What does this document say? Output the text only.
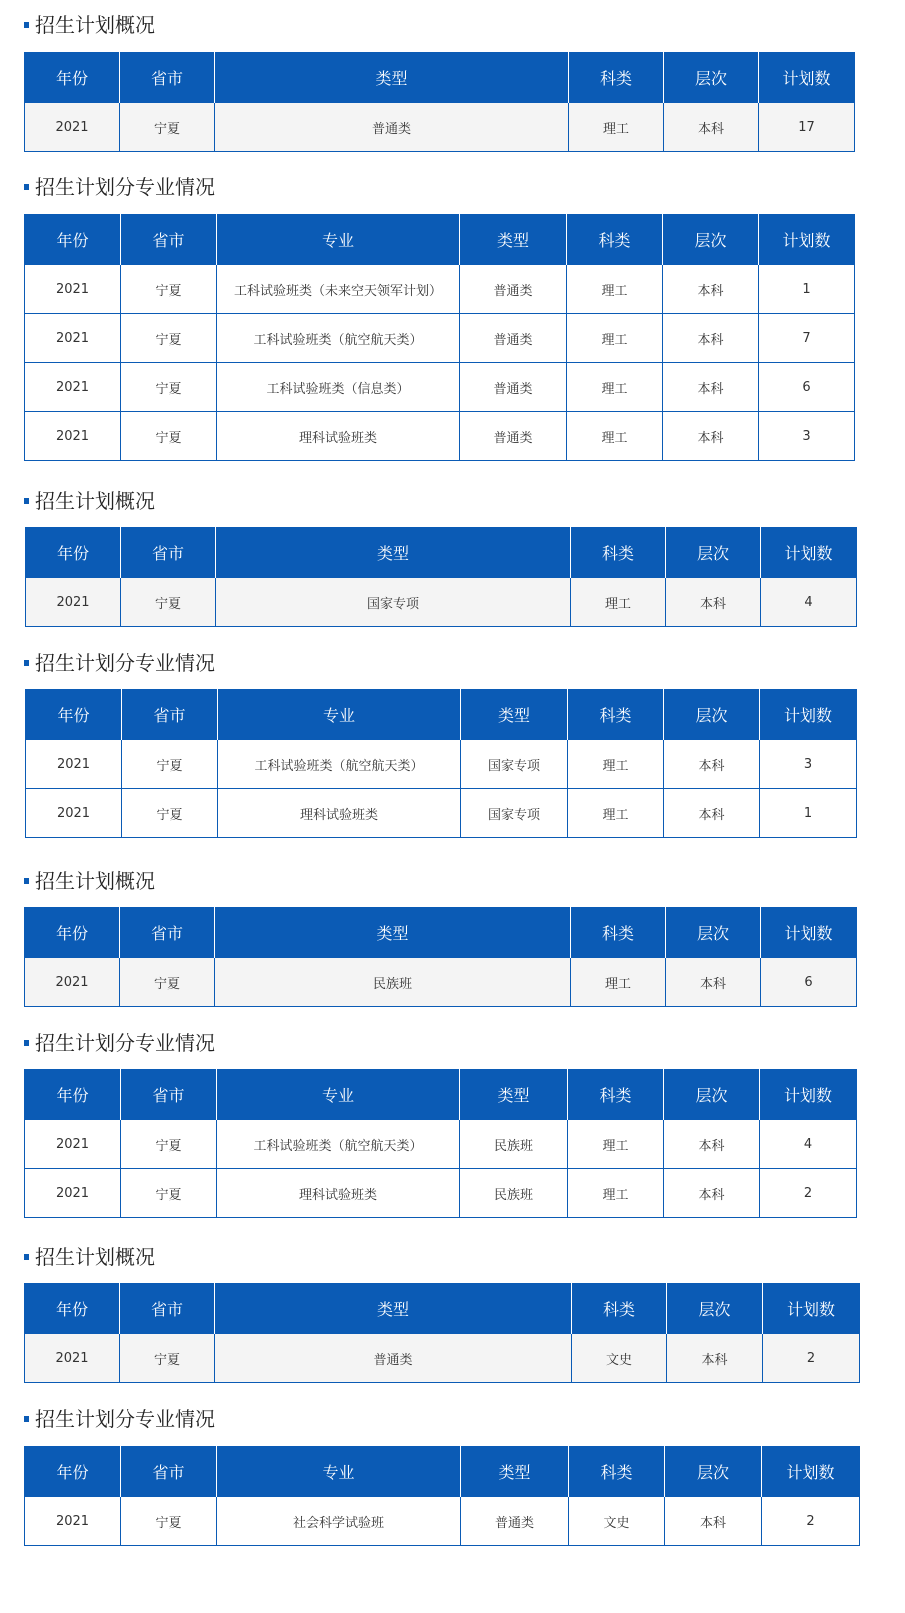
招生计划概况
年份	省市	类型	科类	层次	计划数
2021	宁夏	普通类	理工	本科	17
招生计划分专业情况
年份	省市	专业	类型	科类	层次	计划数
2021	宁夏	工科试验班类（未来空天领军计划）	普通类	理工	本科	1
2021	宁夏	工科试验班类（航空航天类）	普通类	理工	本科	7
2021	宁夏	工科试验班类（信息类）	普通类	理工	本科	6
2021	宁夏	理科试验班类	普通类	理工	本科	3
招生计划概况
年份	省市	类型	科类	层次	计划数
2021	宁夏	国家专项	理工	本科	4
招生计划分专业情况
年份	省市	专业	类型	科类	层次	计划数
2021	宁夏	工科试验班类（航空航天类）	国家专项	理工	本科	3
2021	宁夏	理科试验班类	国家专项	理工	本科	1
招生计划概况
年份	省市	类型	科类	层次	计划数
2021	宁夏	民族班	理工	本科	6
招生计划分专业情况
年份	省市	专业	类型	科类	层次	计划数
2021	宁夏	工科试验班类（航空航天类）	民族班	理工	本科	4
2021	宁夏	理科试验班类	民族班	理工	本科	2
招生计划概况
年份	省市	类型	科类	层次	计划数
2021	宁夏	普通类	文史	本科	2
招生计划分专业情况
年份	省市	专业	类型	科类	层次	计划数
2021	宁夏	社会科学试验班	普通类	文史	本科	2
